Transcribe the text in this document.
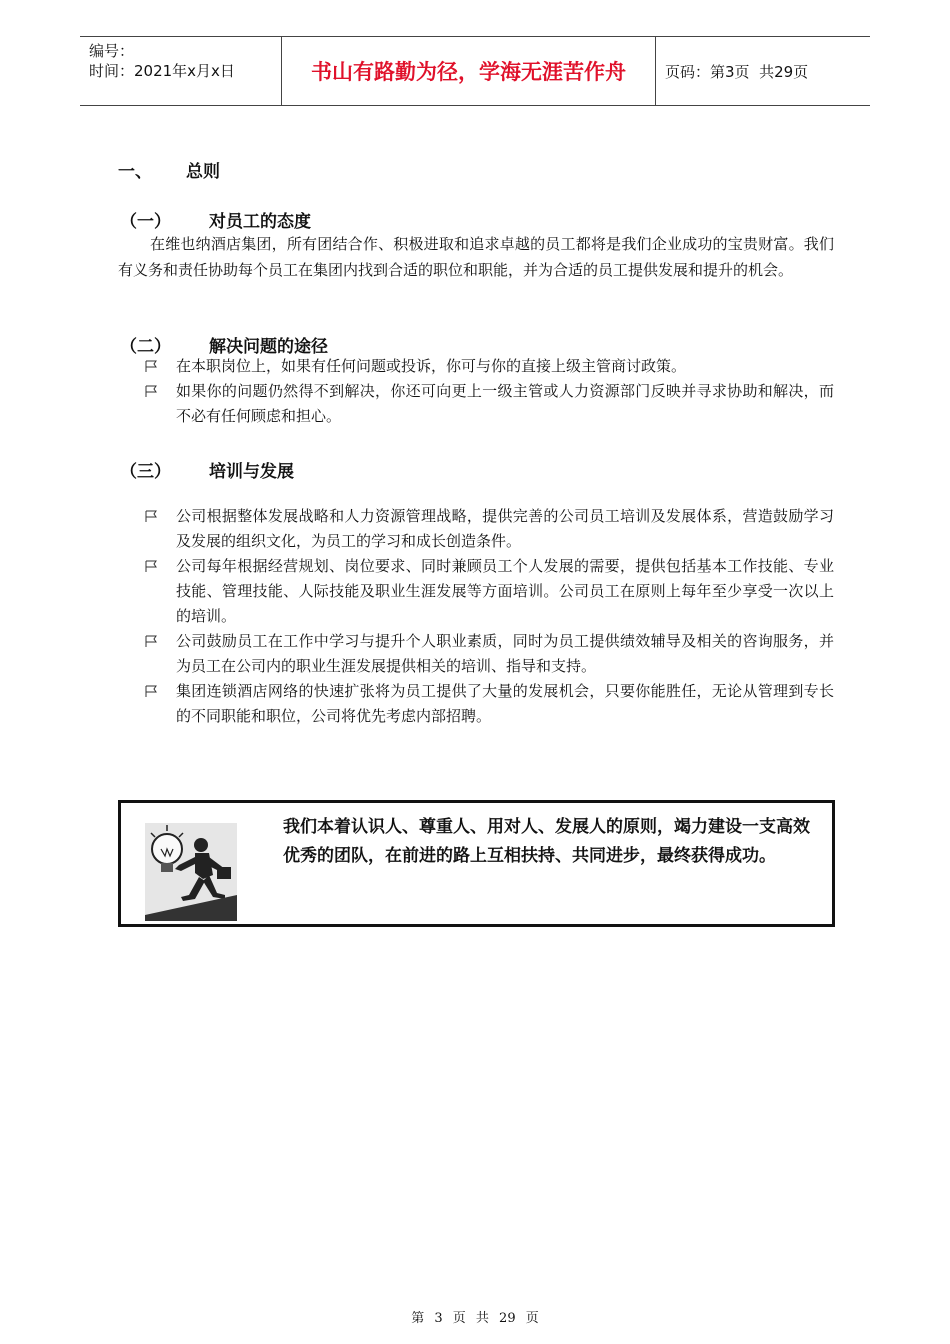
编号：
时间：2021年x月x日	书山有路勤为径，学海无涯苦作舟	页码：第3页  共29页
一、 总则
（一） 对员工的态度
在维也纳酒店集团，所有团结合作、积极进取和追求卓越的员工都将是我们企业成功的宝贵财富。我们有义务和责任协助每个员工在集团内找到合适的职位和职能，并为合适的员工提供发展和提升的机会。
（二） 解决问题的途径
在本职岗位上，如果有任何问题或投诉，你可与你的直接上级主管商讨政策。
如果你的问题仍然得不到解决，你还可向更上一级主管或人力资源部门反映并寻求协助和解决，而不必有任何顾虑和担心。
（三） 培训与发展
公司根据整体发展战略和人力资源管理战略，提供完善的公司员工培训及发展体系，营造鼓励学习及发展的组织文化，为员工的学习和成长创造条件。
公司每年根据经营规划、岗位要求、同时兼顾员工个人发展的需要，提供包括基本工作技能、专业技能、管理技能、人际技能及职业生涯发展等方面培训。公司员工在原则上每年至少享受一次以上的培训。
公司鼓励员工在工作中学习与提升个人职业素质，同时为员工提供绩效辅导及相关的咨询服务，并为员工在公司内的职业生涯发展提供相关的培训、指导和支持。
集团连锁酒店网络的快速扩张将为员工提供了大量的发展机会，只要你能胜任，无论从管理到专长的不同职能和职位，公司将优先考虑内部招聘。
我们本着认识人、尊重人、用对人、发展人的原则，竭力建设一支高效优秀的团队，在前进的路上互相扶持、共同进步，最终获得成功。
第 3 页 共 29 页
